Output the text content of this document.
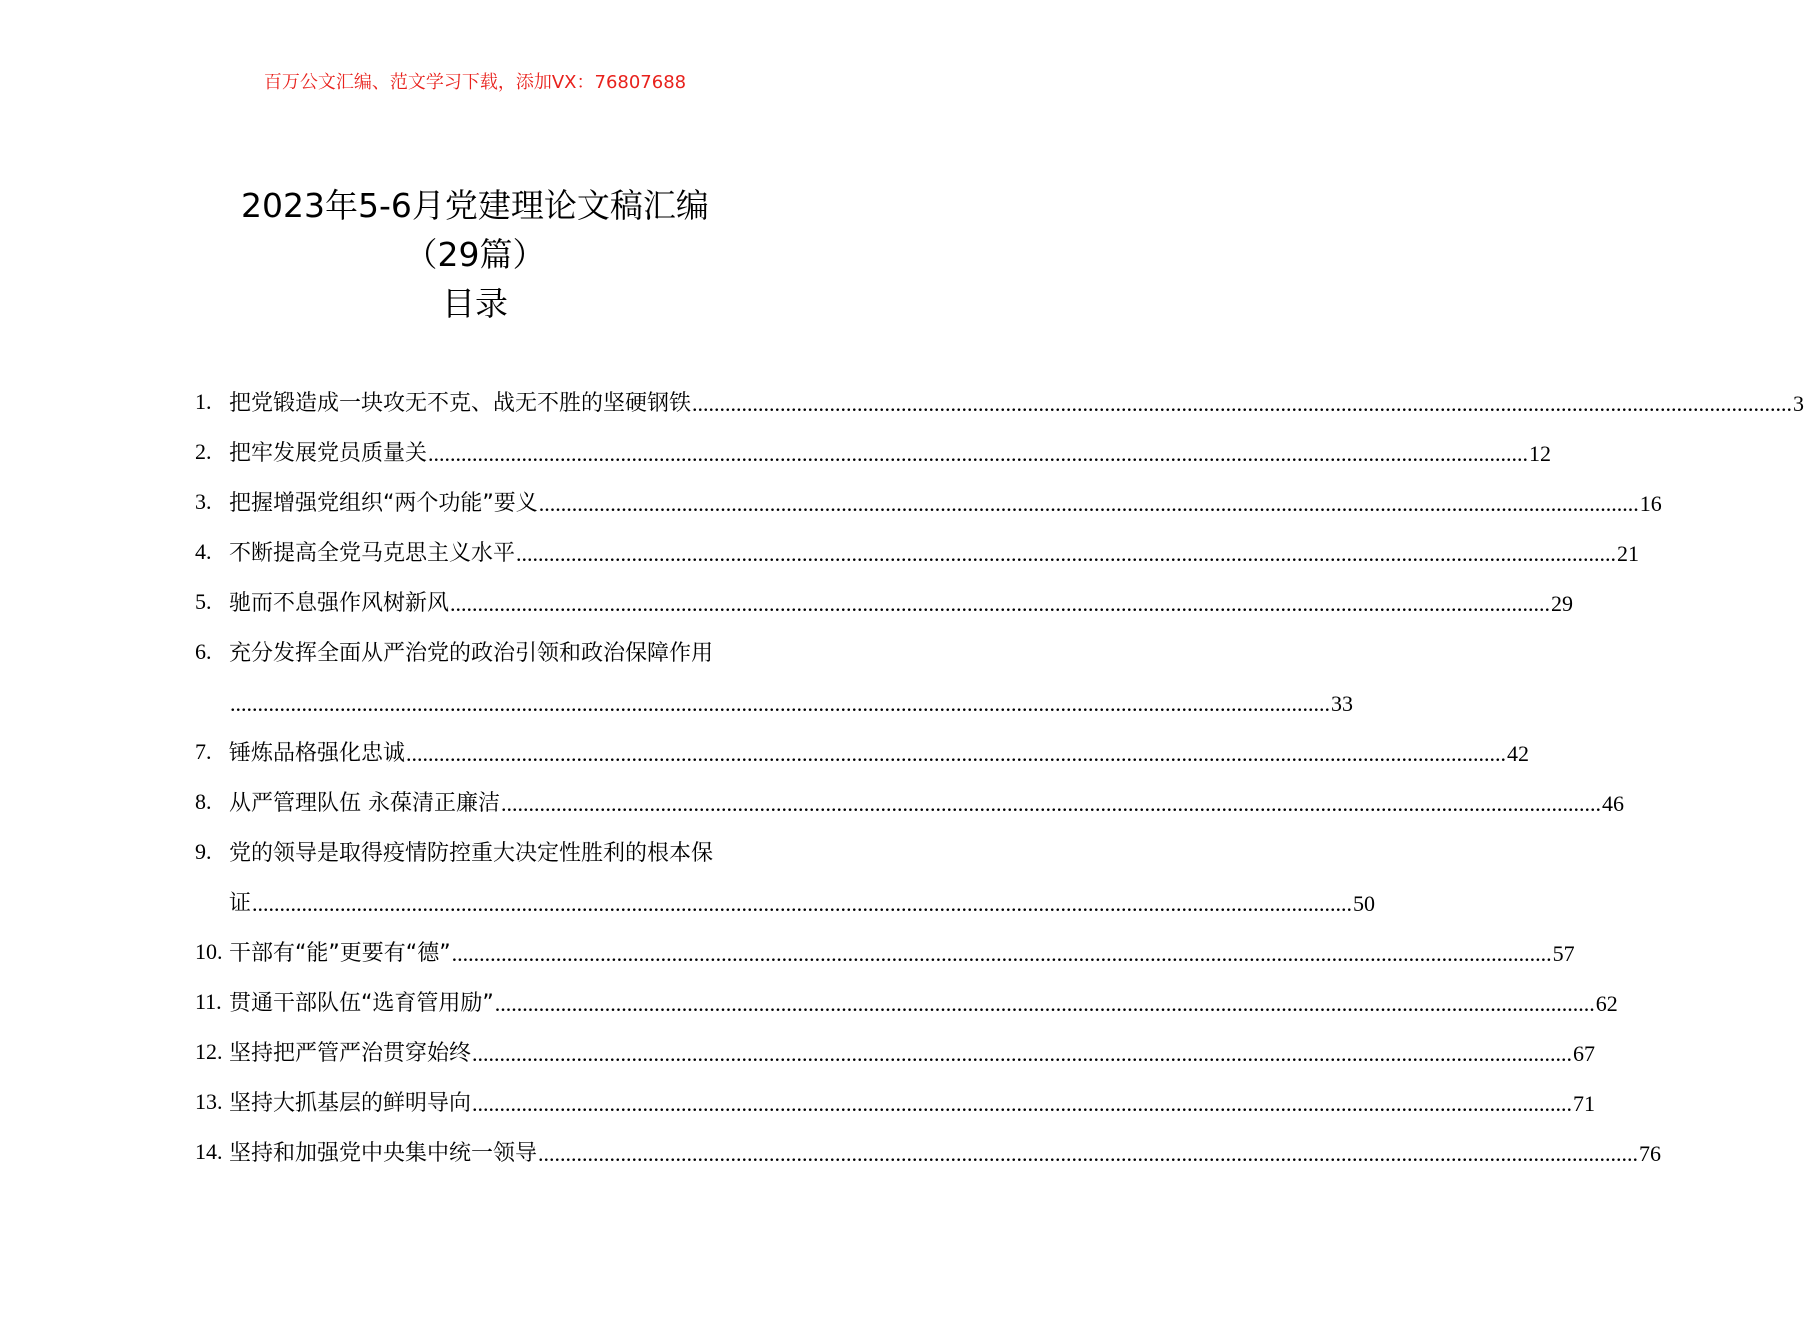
百万公文汇编、范文学习下载，添加VX：76807688
2023年5-6月党建理论文稿汇编
（29篇）
目录
1. 把党锻造成一块攻无不克、战无不胜的坚硬钢铁 ........................................................................................................................................................................................................ 3
2. 把牢发展党员质量关 ........................................................................................................................................................................................................ 12
3. 把握增强党组织“两个功能”要义 ........................................................................................................................................................................................................ 16
4. 不断提高全党马克思主义水平 ........................................................................................................................................................................................................ 21
5. 驰而不息强作风树新风 ........................................................................................................................................................................................................ 29
6. 充分发挥全面从严治党的政治引领和政治保障作用
........................................................................................................................................................................................................ 33
7. 锤炼品格强化忠诚 ........................................................................................................................................................................................................ 42
8. 从严管理队伍 永葆清正廉洁 ........................................................................................................................................................................................................ 46
9. 党的领导是取得疫情防控重大决定性胜利的根本保
证 ........................................................................................................................................................................................................ 50
10. 干部有“能”更要有“德” ........................................................................................................................................................................................................ 57
11. 贯通干部队伍“选育管用励” ........................................................................................................................................................................................................ 62
12. 坚持把严管严治贯穿始终 ........................................................................................................................................................................................................ 67
13. 坚持大抓基层的鲜明导向 ........................................................................................................................................................................................................ 71
14. 坚持和加强党中央集中统一领导 ........................................................................................................................................................................................................ 76
